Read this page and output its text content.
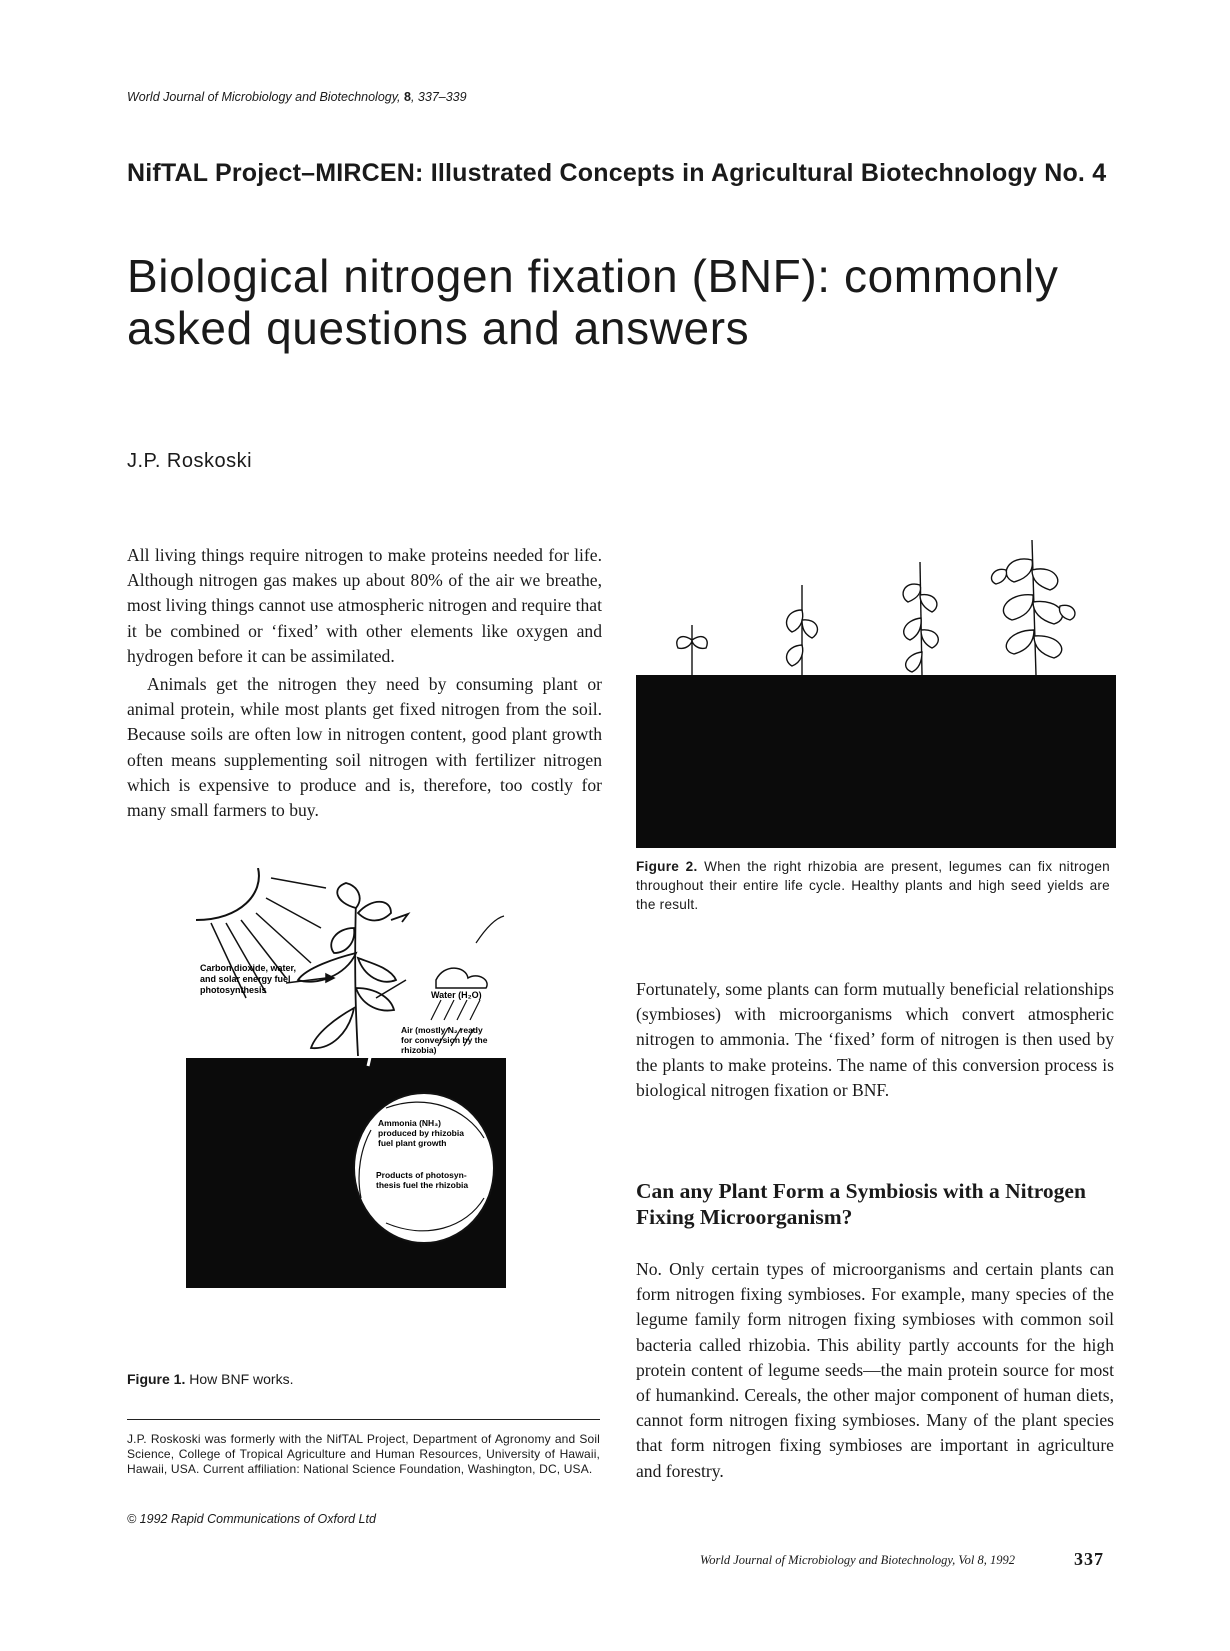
World Journal of Microbiology and Biotechnology, 8, 337–339
NifTAL Project–MIRCEN: Illustrated Concepts in Agricultural Biotechnology No. 4
Biological nitrogen fixation (BNF): commonly asked questions and answers
J.P. Roskoski

All living things require nitrogen to make proteins needed for life. Although nitrogen gas makes up about 80% of the air we breathe, most living things cannot use atmospheric nitrogen and require that it be combined or ‘fixed’ with other elements like oxygen and hydrogen before it can be assimilated.

Animals get the nitrogen they need by consuming plant or animal protein, while most plants get fixed nitrogen from the soil. Because soils are often low in nitrogen content, good plant growth often means supplementing soil nitrogen with fertilizer nitrogen which is expensive to produce and is, therefore, too costly for many small farmers to buy.

Carbon dioxide, water,
and solar energy fuel
photosynthesis	Water (H₂O)
Air (mostly N₂ ready
for conversion by the
rhizobia)
Ammonia (NH₃)
produced by rhizobia
fuel plant growth
Products of photosyn-
thesis fuel the rhizobia
Figure 1. How BNF works.
J.P. Roskoski was formerly with the NifTAL Project, Department of Agronomy and Soil Science, College of Tropical Agriculture and Human Resources, University of Hawaii, Hawaii, USA. Current affiliation: National Science Foundation, Washington, DC, USA.
© 1992 Rapid Communications of Oxford Ltd
Figure 2. When the right rhizobia are present, legumes can fix nitrogen throughout their entire life cycle. Healthy plants and high seed yields are the result.

Fortunately, some plants can form mutually beneficial relationships (symbioses) with microorganisms which convert atmospheric nitrogen to ammonia. The ‘fixed’ form of nitrogen is then used by the plants to make proteins. The name of this conversion process is biological nitrogen fixation or BNF.

Can any Plant Form a Symbiosis with a Nitrogen Fixing Microorganism?

No. Only certain types of microorganisms and certain plants can form nitrogen fixing symbioses. For example, many species of the legume family form nitrogen fixing symbioses with common soil bacteria called rhizobia. This ability partly accounts for the high protein content of legume seeds—the main protein source for most of humankind. Cereals, the other major component of human diets, cannot form nitrogen fixing symbioses. Many of the plant species that form nitrogen fixing symbioses are important in agriculture and forestry.

World Journal of Microbiology and Biotechnology, Vol 8, 1992	337
